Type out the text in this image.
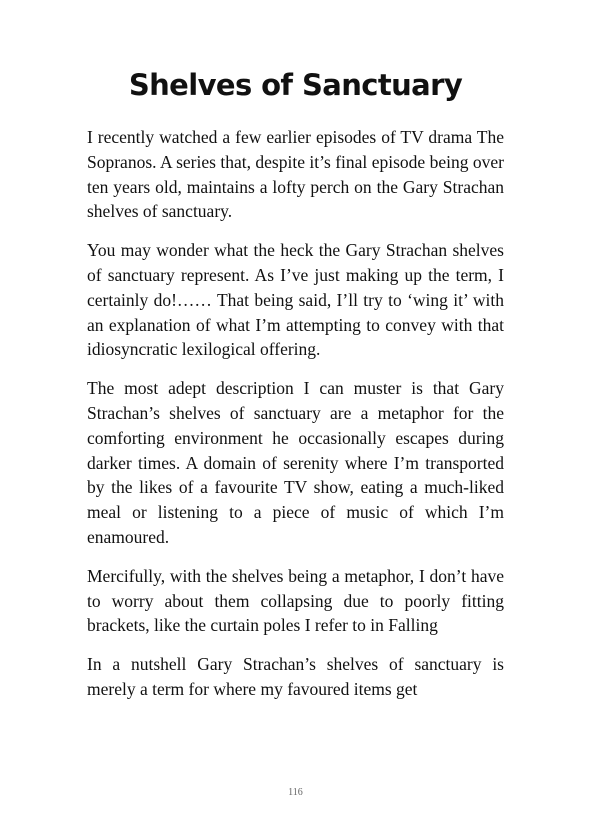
Shelves of Sanctuary

I recently watched a few earlier episodes of TV drama The Sopranos. A series that, despite it’s final episode being over ten years old, maintains a lofty perch on the Gary Strachan shelves of sanctuary.

You may wonder what the heck the Gary Strachan shelves of sanctuary represent. As I’ve just making up the term, I certainly do!…… That being said, I’ll try to ‘wing it’ with an explanation of what I’m attempting to convey with that idiosyncratic lexilogical offering.

The most adept description I can muster is that Gary Strachan’s shelves of sanctuary are a metaphor for the comforting environment he occasionally escapes during darker times. A domain of serenity where I’m transported by the likes of a favourite TV show, eating a much-liked meal or listening to a piece of music of which I’m enamoured.

Mercifully, with the shelves being a metaphor, I don’t have to worry about them collapsing due to poorly fitting brackets, like the curtain poles I refer to in Falling

In a nutshell Gary Strachan’s shelves of sanctuary is merely a term for where my favoured items get

116
